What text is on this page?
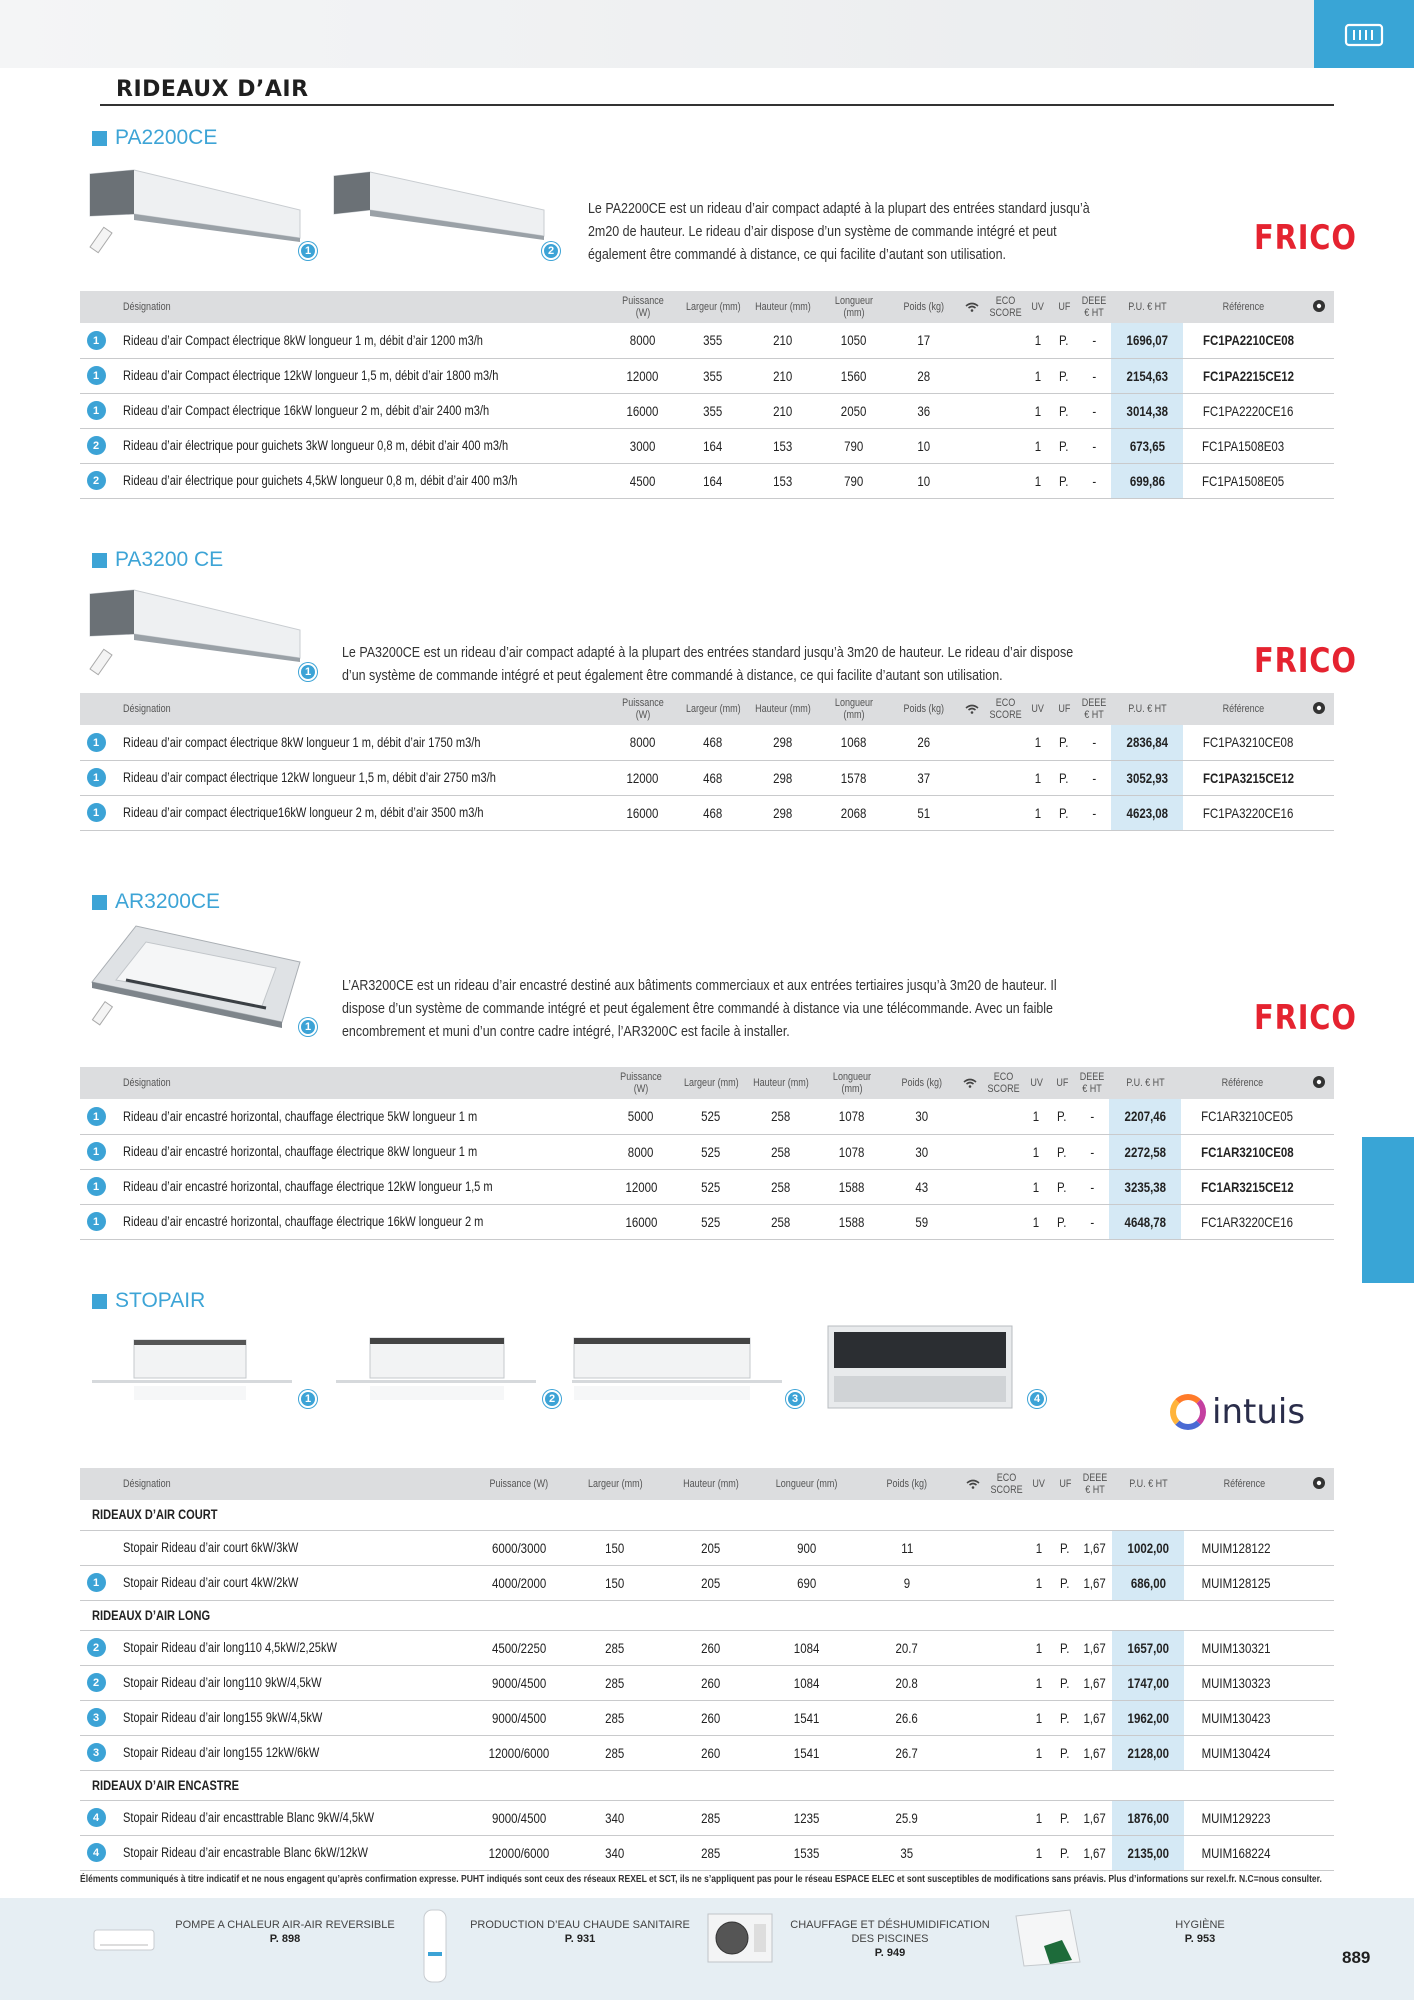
RIDEAUX D’AIR
PA2200CE
1	2
Le PA2200CE est un rideau d’air compact adapté à la plupart des entrées standard jusqu’à 2m20 de hauteur. Le rideau d’air dispose d’un système de commande intégré et peut également être commandé à distance, ce qui facilite d’autant son utilisation.	FRICO
Désignation		Puissance (W)	Largeur (mm)	Hauteur (mm)	Longueur (mm)	Poids (kg)		ECO SCORE	UV	UF	DEEE € HT	P.U. € HT	Référence	
1	Rideau d’air Compact électrique 8kW longueur 1 m, débit d’air 1200 m3/h	8000	355	210	1050	17			1	P.	-	1696,07	FC1PA2210CE08	
1	Rideau d’air Compact électrique 12kW longueur 1,5 m, débit d’air 1800 m3/h	12000	355	210	1560	28			1	P.	-	2154,63	FC1PA2215CE12	
1	Rideau d’air Compact électrique 16kW longueur 2 m, débit d’air 2400 m3/h	16000	355	210	2050	36			1	P.	-	3014,38	FC1PA2220CE16	
2	Rideau d’air électrique pour guichets 3kW longueur 0,8 m, débit d’air 400 m3/h	3000	164	153	790	10			1	P.	-	673,65	FC1PA1508E03	
2	Rideau d’air électrique pour guichets 4,5kW longueur 0,8 m, débit d’air 400 m3/h	4500	164	153	790	10			1	P.	-	699,86	FC1PA1508E05	
PA3200 CE
1
Le PA3200CE est un rideau d’air compact adapté à la plupart des entrées standard jusqu’à 3m20 de hauteur. Le rideau d’air dispose d’un système de commande intégré et peut également être commandé à distance, ce qui facilite d’autant son utilisation.	FRICO
Désignation		Puissance (W)	Largeur (mm)	Hauteur (mm)	Longueur (mm)	Poids (kg)		ECO SCORE	UV	UF	DEEE € HT	P.U. € HT	Référence	
1	Rideau d’air compact électrique 8kW longueur 1 m, débit d’air 1750 m3/h	8000	468	298	1068	26			1	P.	-	2836,84	FC1PA3210CE08	
1	Rideau d’air compact électrique 12kW longueur 1,5 m, débit d’air 2750 m3/h	12000	468	298	1578	37			1	P.	-	3052,93	FC1PA3215CE12	
1	Rideau d’air compact électrique16kW longueur 2 m, débit d’air 3500 m3/h	16000	468	298	2068	51			1	P.	-	4623,08	FC1PA3220CE16	
AR3200CE
1
L’AR3200CE est un rideau d’air encastré destiné aux bâtiments commerciaux et aux entrées tertiaires jusqu’à 3m20 de hauteur. Il dispose d’un système de commande intégré et peut également être commandé à distance via une télécommande. Avec un faible encombrement et muni d’un contre cadre intégré, l’AR3200C est facile à installer.	FRICO
Désignation		Puissance (W)	Largeur (mm)	Hauteur (mm)	Longueur (mm)	Poids (kg)		ECO SCORE	UV	UF	DEEE € HT	P.U. € HT	Référence	
1	Rideau d’air encastré horizontal, chauffage électrique 5kW longueur 1 m	5000	525	258	1078	30			1	P.	-	2207,46	FC1AR3210CE05	
1	Rideau d’air encastré horizontal, chauffage électrique 8kW longueur 1 m	8000	525	258	1078	30			1	P.	-	2272,58	FC1AR3210CE08	
1	Rideau d’air encastré horizontal, chauffage électrique 12kW longueur 1,5 m	12000	525	258	1588	43			1	P.	-	3235,38	FC1AR3215CE12	
1	Rideau d’air encastré horizontal, chauffage électrique 16kW longueur 2 m	16000	525	258	1588	59			1	P.	-	4648,78	FC1AR3220CE16	
STOPAIR
1	2	3	4	intuis
Désignation		Puissance (W)	Largeur (mm)	Hauteur (mm)	Longueur (mm)	Poids (kg)		ECO SCORE	UV	UF	DEEE € HT	P.U. € HT	Référence	
RIDEAUX D’AIR COURT														
	Stopair Rideau d’air court 6kW/3kW	6000/3000	150	205	900	11			1	P.	1,67	1002,00	MUIM128122	
1	Stopair Rideau d’air court 4kW/2kW	4000/2000	150	205	690	9			1	P.	1,67	686,00	MUIM128125	
RIDEAUX D’AIR LONG														
2	Stopair Rideau d’air long110 4,5kW/2,25kW	4500/2250	285	260	1084	20.7			1	P.	1,67	1657,00	MUIM130321	
2	Stopair Rideau d’air long110 9kW/4,5kW	9000/4500	285	260	1084	20.8			1	P.	1,67	1747,00	MUIM130323	
3	Stopair Rideau d’air long155 9kW/4,5kW	9000/4500	285	260	1541	26.6			1	P.	1,67	1962,00	MUIM130423	
3	Stopair Rideau d’air long155 12kW/6kW	12000/6000	285	260	1541	26.7			1	P.	1,67	2128,00	MUIM130424	
RIDEAUX D’AIR ENCASTRE														
4	Stopair Rideau d’air encasttrable Blanc 9kW/4,5kW	9000/4500	340	285	1235	25.9			1	P.	1,67	1876,00	MUIM129223	
4	Stopair Rideau d’air encastrable Blanc 6kW/12kW	12000/6000	340	285	1535	35			1	P.	1,67	2135,00	MUIM168224	
Éléments communiqués à titre indicatif et ne nous engagent qu’après confirmation expresse. PUHT indiqués sont ceux des réseaux REXEL et SCT, ils ne s’appliquent pas pour le réseau ESPACE ELEC et sont susceptibles de modifications sans préavis. Plus d’informations sur rexel.fr. N.C=nous consulter.
POMPE A CHALEUR AIR-AIR REVERSIBLE
P. 898
PRODUCTION D’EAU CHAUDE SANITAIRE
P. 931
CHAUFFAGE ET DÉSHUMIDIFICATION DES PISCINES
P. 949
HYGIÈNE
P. 953
889
